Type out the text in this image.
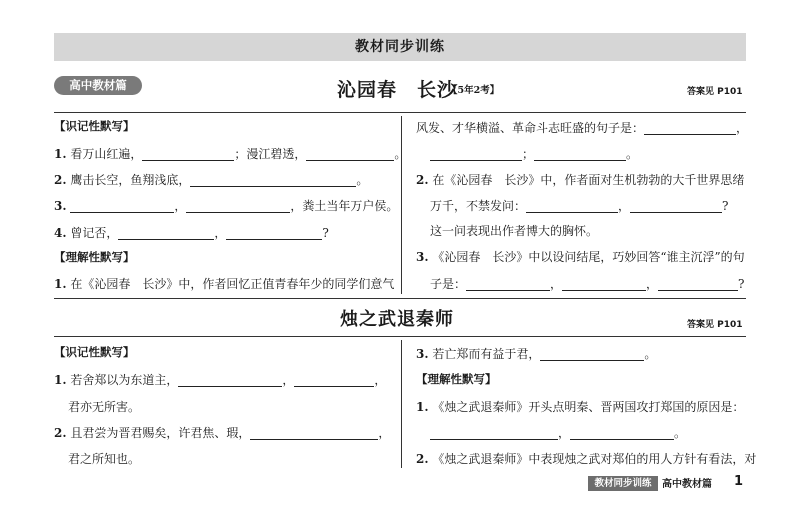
教材同步训练
高中教材篇	沁园春　长沙
【5年2考】	答案见 P101
【识记性默写】
1. 看万山红遍，	；漫江碧透，	。
2. 鹰击长空，鱼翔浅底，	。
3.	，	，粪土当年万户侯。
4. 曾记否，	，	?
【理解性默写】
1. 在《沁园春　长沙》中，作者回忆正值青春年少的同学们意气
风发、才华横溢、革命斗志旺盛的句子是：	，
；	。
2. 在《沁园春　长沙》中，作者面对生机勃勃的大千世界思绪
万千，不禁发问：	，	?
这一问表现出作者博大的胸怀。
3. 《沁园春　长沙》中以设问结尾，巧妙回答“谁主沉浮”的句
子是：	，	，	?
烛之武退秦师	答案见 P101
【识记性默写】
1. 若舍郑以为东道主，	，	，
君亦无所害。
2. 且君尝为晋君赐矣，许君焦、瑕，	，
君之所知也。
3. 若亡郑而有益于君，	。
【理解性默写】
1. 《烛之武退秦师》开头点明秦、晋两国攻打郑国的原因是：
，	。
2. 《烛之武退秦师》中表现烛之武对郑伯的用人方针有看法，对
教材同步训练	高中教材篇 1
